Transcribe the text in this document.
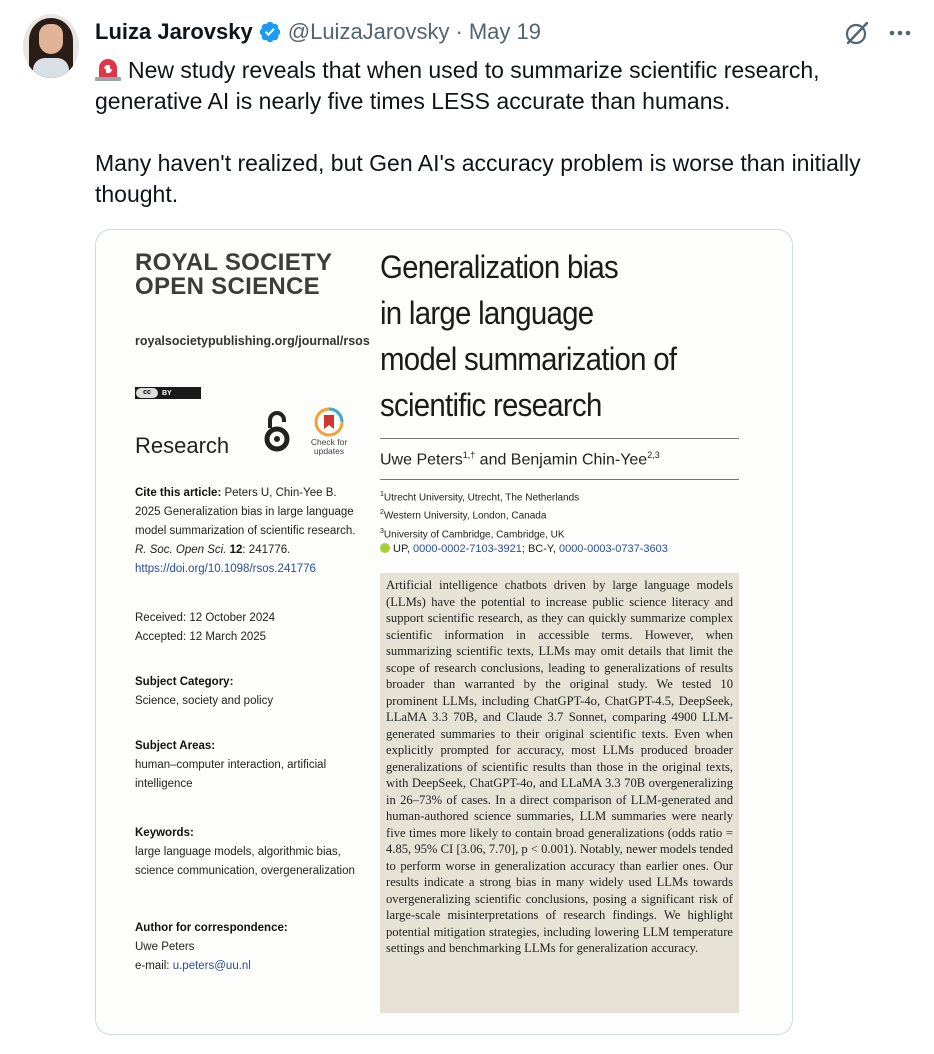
Luiza Jarovsky @LuizaJarovsky · May 19

New study reveals that when used to summarize scientific research, generative AI is nearly five times LESS accurate than humans.

Many haven't realized, but Gen AI's accuracy problem is worse than initially thought.

ROYAL SOCIETY
OPEN SCIENCE
royalsocietypublishing.org/journal/rsos
cc	BY
Research	Check for updates
Cite this article: Peters U, Chin-Yee B. 2025 Generalization bias in large language model summarization of scientific research. R. Soc. Open Sci. 12: 241776.
https://doi.org/10.1098/rsos.241776
Received: 12 October 2024
Accepted: 12 March 2025
Subject Category:
Science, society and policy
Subject Areas:
human–computer interaction, artificial intelligence
Keywords:
large language models, algorithmic bias, science communication, overgeneralization
Author for correspondence:
Uwe Peters
e-mail: u.peters@uu.nl
Generalization bias
in large language
model summarization of
scientific research
Uwe Peters$^{1,\dagger}$ and Benjamin Chin-Yee$^{2,3}$
$^1$Utrecht University, Utrecht, The Netherlands
$^2$Western University, London, Canada
$^3$University of Cambridge, Cambridge, UK
UP, 0000-0002-7103-3921; BC-Y, 0000-0003-0737-3603
Artificial intelligence chatbots driven by large language models (LLMs) have the potential to increase public science literacy and support scientific research, as they can quickly summarize complex scientific information in accessible terms. However, when summarizing scientific texts, LLMs may omit details that limit the scope of research conclusions, leading to generalizations of results broader than warranted by the original study. We tested 10 prominent LLMs, including ChatGPT-4o, ChatGPT-4.5, DeepSeek, LLaMA 3.3 70B, and Claude 3.7 Sonnet, comparing 4900 LLM-generated summaries to their original scientific texts. Even when explicitly prompted for accuracy, most LLMs produced broader generalizations of scientific results than those in the original texts, with DeepSeek, ChatGPT-4o, and LLaMA 3.3 70B overgeneralizing in 26–73% of cases. In a direct comparison of LLM-generated and human-authored science summaries, LLM summaries were nearly five times more likely to contain broad generalizations (odds ratio = 4.85, 95% CI [3.06, 7.70], p < 0.001). Notably, newer models tended to perform worse in generalization accuracy than earlier ones. Our results indicate a strong bias in many widely used LLMs towards overgeneralizing scientific conclusions, posing a significant risk of large-scale misinterpretations of research findings. We highlight potential mitigation strategies, including lowering LLM temperature settings and benchmarking LLMs for generalization accuracy.
